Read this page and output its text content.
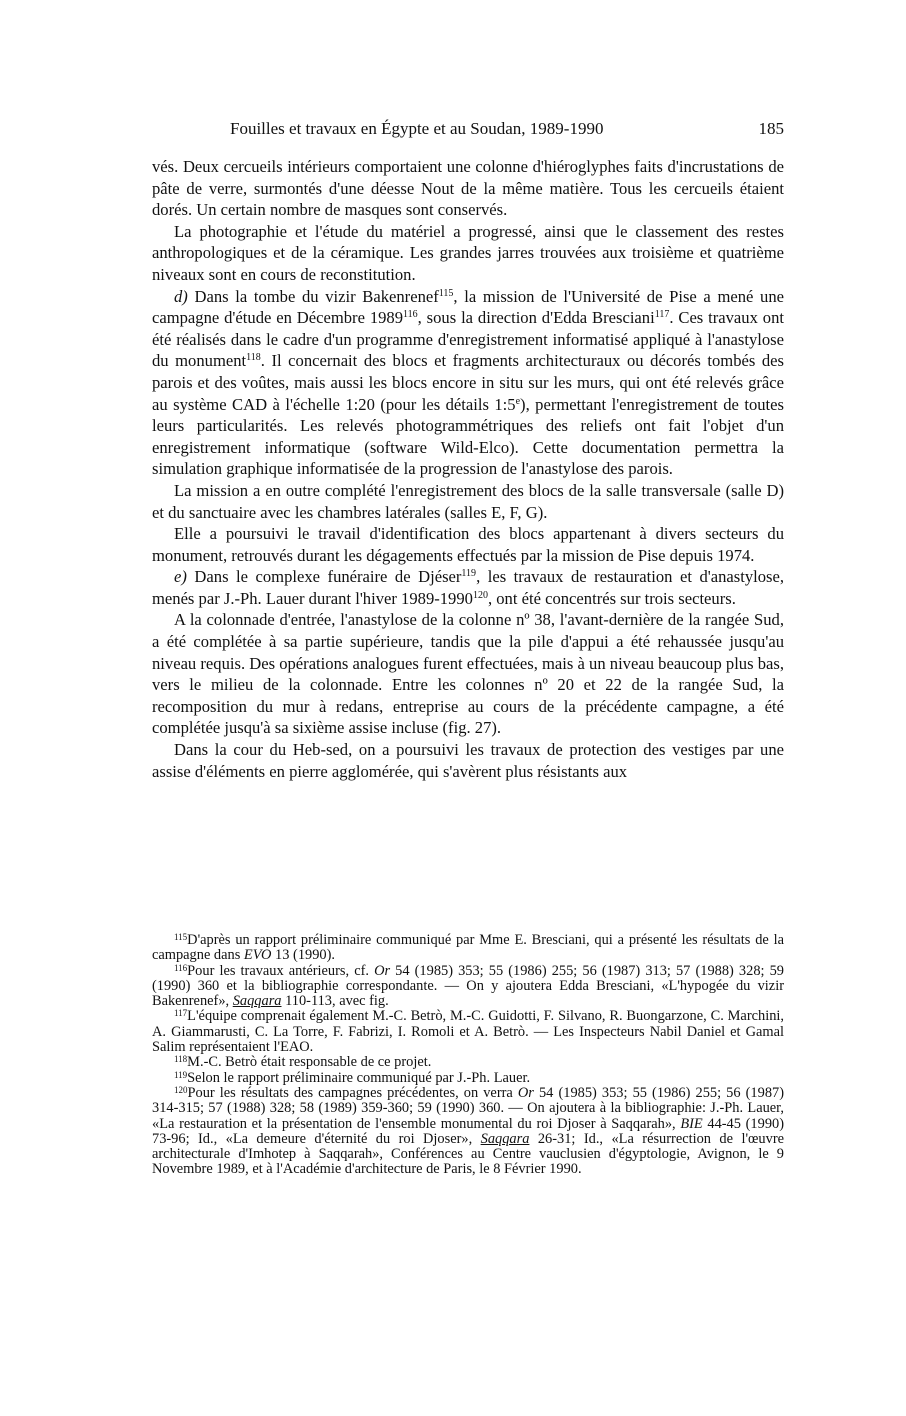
Fouilles et travaux en Égypte et au Soudan, 1989-1990	185

vés. Deux cercueils intérieurs comportaient une colonne d'hiéroglyphes faits d'incrustations de pâte de verre, surmontés d'une déesse Nout de la même matière. Tous les cercueils étaient dorés. Un certain nombre de masques sont conservés.

La photographie et l'étude du matériel a progressé, ainsi que le classement des restes anthropologiques et de la céramique. Les grandes jarres trouvées aux troisième et quatrième niveaux sont en cours de reconstitution.

d) Dans la tombe du vizir Bakenrenef$^{115}$, la mission de l'Université de Pise a mené une campagne d'étude en Décembre 1989$^{116}$, sous la direction d'Edda Bresciani$^{117}$. Ces travaux ont été réalisés dans le cadre d'un programme d'enregistrement informatisé appliqué à l'anastylose du monument$^{118}$. Il concernait des blocs et fragments architecturaux ou décorés tombés des parois et des voûtes, mais aussi les blocs encore in situ sur les murs, qui ont été relevés grâce au système CAD à l'échelle 1:20 (pour les détails 1:5e), permettant l'enregistrement de toutes leurs particularités. Les relevés photogrammétriques des reliefs ont fait l'objet d'un enregistrement informatique (software Wild-Elco). Cette documentation permettra la simulation graphique informatisée de la progression de l'anastylose des parois.

La mission a en outre complété l'enregistrement des blocs de la salle transversale (salle D) et du sanctuaire avec les chambres latérales (salles E, F, G).

Elle a poursuivi le travail d'identification des blocs appartenant à divers secteurs du monument, retrouvés durant les dégagements effectués par la mission de Pise depuis 1974.

e) Dans le complexe funéraire de Djéser$^{119}$, les travaux de restauration et d'anastylose, menés par J.-Ph. Lauer durant l'hiver 1989-1990$^{120}$, ont été concentrés sur trois secteurs.

A la colonnade d'entrée, l'anastylose de la colonne nº 38, l'avant-dernière de la rangée Sud, a été complétée à sa partie supérieure, tandis que la pile d'appui a été rehaussée jusqu'au niveau requis. Des opérations analogues furent effectuées, mais à un niveau beaucoup plus bas, vers le milieu de la colonnade. Entre les colonnes nº 20 et 22 de la rangée Sud, la recomposition du mur à redans, entreprise au cours de la précédente campagne, a été complétée jusqu'à sa sixième assise incluse (fig. 27).

Dans la cour du Heb-sed, on a poursuivi les travaux de protection des vestiges par une assise d'éléments en pierre agglomérée, qui s'avèrent plus résistants aux

$^{115}$D'après un rapport préliminaire communiqué par Mme E. Bresciani, qui a présenté les résultats de la campagne dans EVO 13 (1990).

$^{116}$Pour les travaux antérieurs, cf. Or 54 (1985) 353; 55 (1986) 255; 56 (1987) 313; 57 (1988) 328; 59 (1990) 360 et la bibliographie correspondante. — On y ajoutera Edda Bresciani, «L'hypogée du vizir Bakenrenef», Saqqara 110-113, avec fig.

$^{117}$L'équipe comprenait également M.-C. Betrò, M.-C. Guidotti, F. Silvano, R. Buongarzone, C. Marchini, A. Giammarusti, C. La Torre, F. Fabrizi, I. Romoli et A. Betrò. — Les Inspecteurs Nabil Daniel et Gamal Salim représentaient l'EAO.

$^{118}$M.-C. Betrò était responsable de ce projet.

$^{119}$Selon le rapport préliminaire communiqué par J.-Ph. Lauer.

$^{120}$Pour les résultats des campagnes précédentes, on verra Or 54 (1985) 353; 55 (1986) 255; 56 (1987) 314-315; 57 (1988) 328; 58 (1989) 359-360; 59 (1990) 360. — On ajoutera à la bibliographie: J.-Ph. Lauer, «La restauration et la présentation de l'ensemble monumental du roi Djoser à Saqqarah», BIE 44-45 (1990) 73-96; Id., «La demeure d'éternité du roi Djoser», Saqqara 26-31; Id., «La résurrection de l'œuvre architecturale d'Imhotep à Saqqarah», Conférences au Centre vauclusien d'égyptologie, Avignon, le 9 Novembre 1989, et à l'Académie d'architecture de Paris, le 8 Février 1990.
